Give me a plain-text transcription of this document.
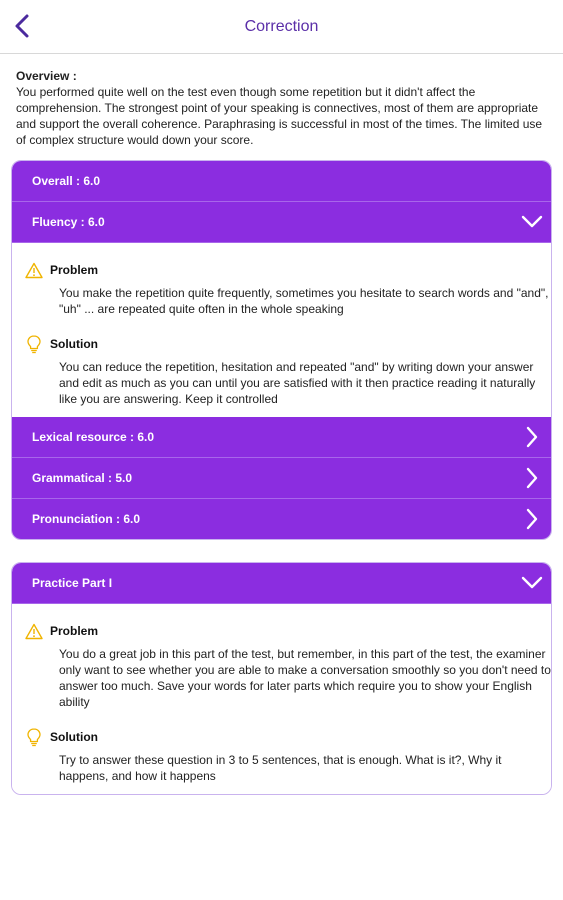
Correction
Overview :
You performed quite well on the test even though some repetition but it didn't affect the comprehension. The strongest point of your speaking is connectives, most of them are appropriate and support the overall coherence. Paraphrasing is successful in most of the times. The limited use of complex structure would down your score.
Overall : 6.0
Fluency : 6.0
Problem
You make the repetition quite frequently, sometimes you hesitate to search words and "and", "uh" ... are repeated quite often in the whole speaking
Solution
You can reduce the repetition, hesitation and repeated "and" by writing down your answer and edit as much as you can until you are satisfied with it then practice reading it naturally like you are answering. Keep it controlled
Lexical resource : 6.0
Grammatical : 5.0
Pronunciation : 6.0
Practice Part I
Problem
You do a great job in this part of the test, but remember, in this part of the test, the examiner only want to see whether you are able to make a conversation smoothly so you don't need to answer too much. Save your words for later parts which require you to show your English ability
Solution
Try to answer these question in 3 to 5 sentences, that is enough. What is it?, Why it happens, and how it happens
